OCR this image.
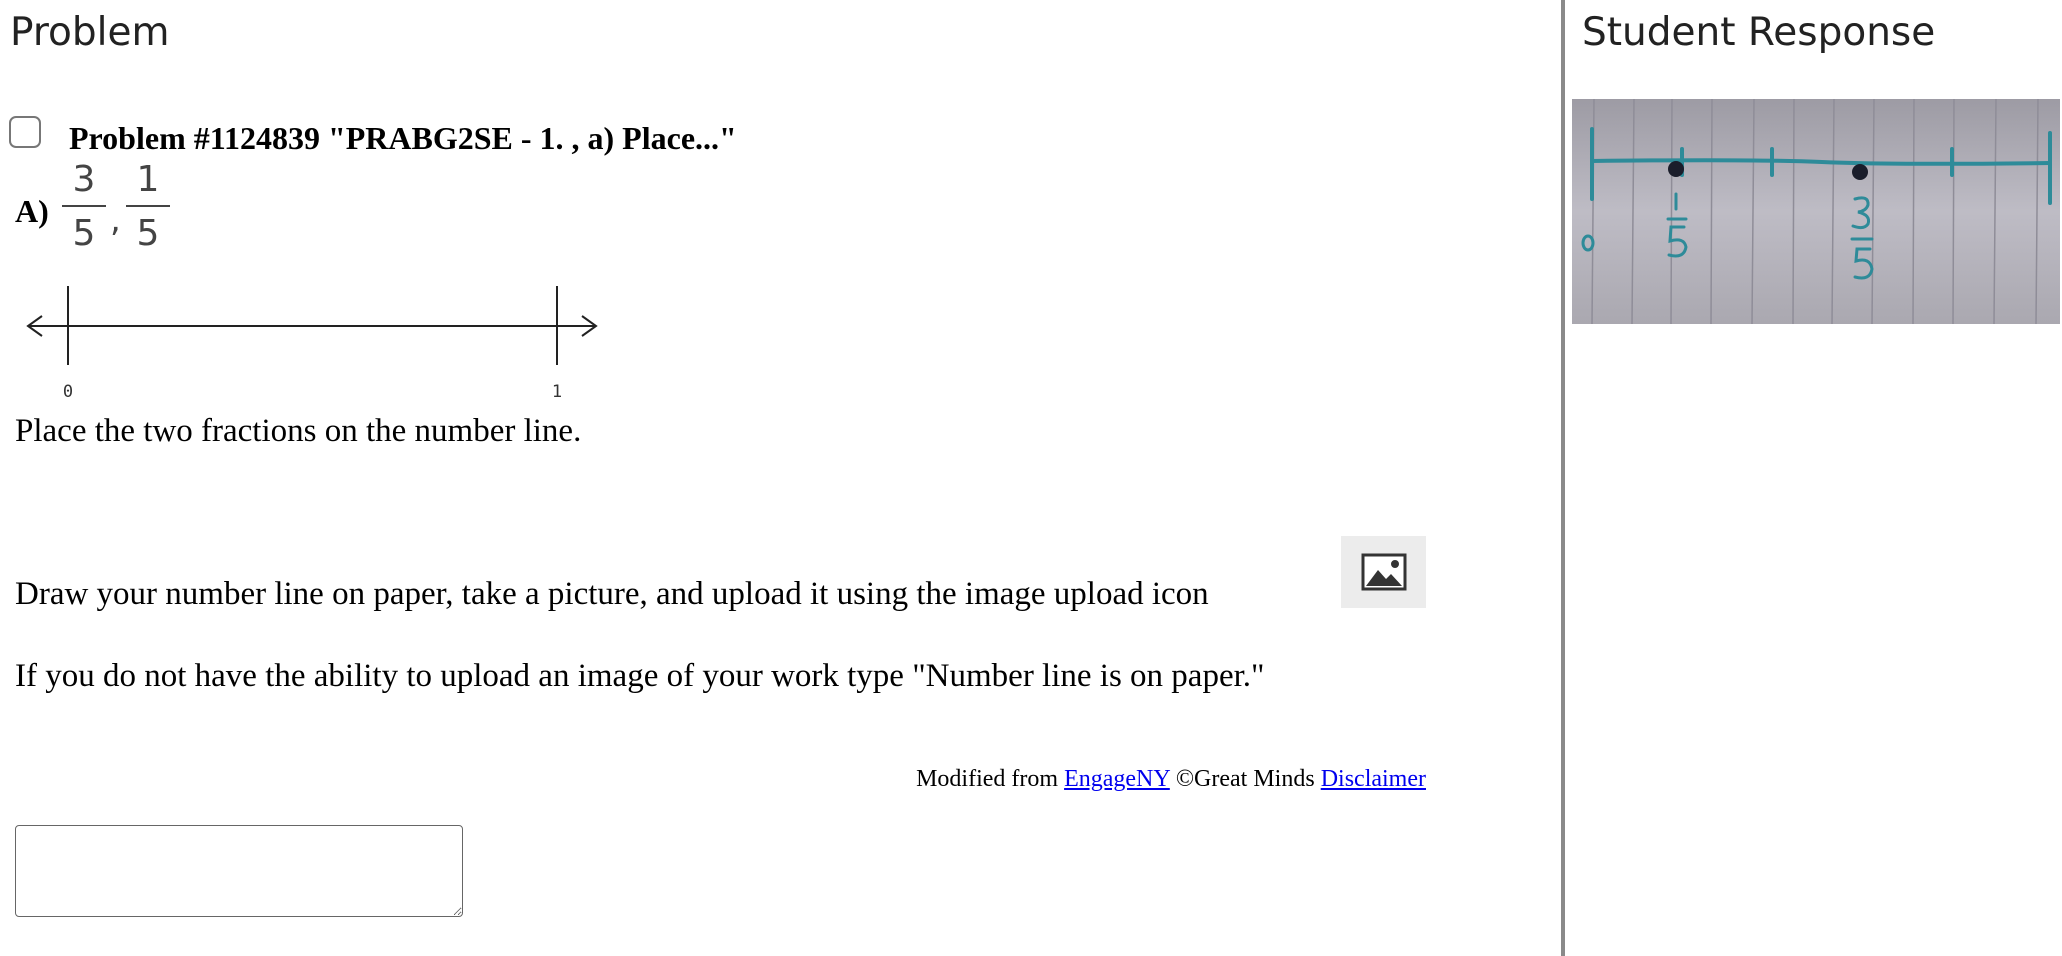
Problem
Problem #1124839 "PRABG2SE - 1. , a) Place..."
A)
3
5 ,
1
5
0	1
Place the two fractions on the number line.
Draw your number line on paper, take a picture, and upload it using the image upload icon
If you do not have the ability to upload an image of your work type "Number line is on paper."
Modified from EngageNY ©Great Minds Disclaimer
Student Response
